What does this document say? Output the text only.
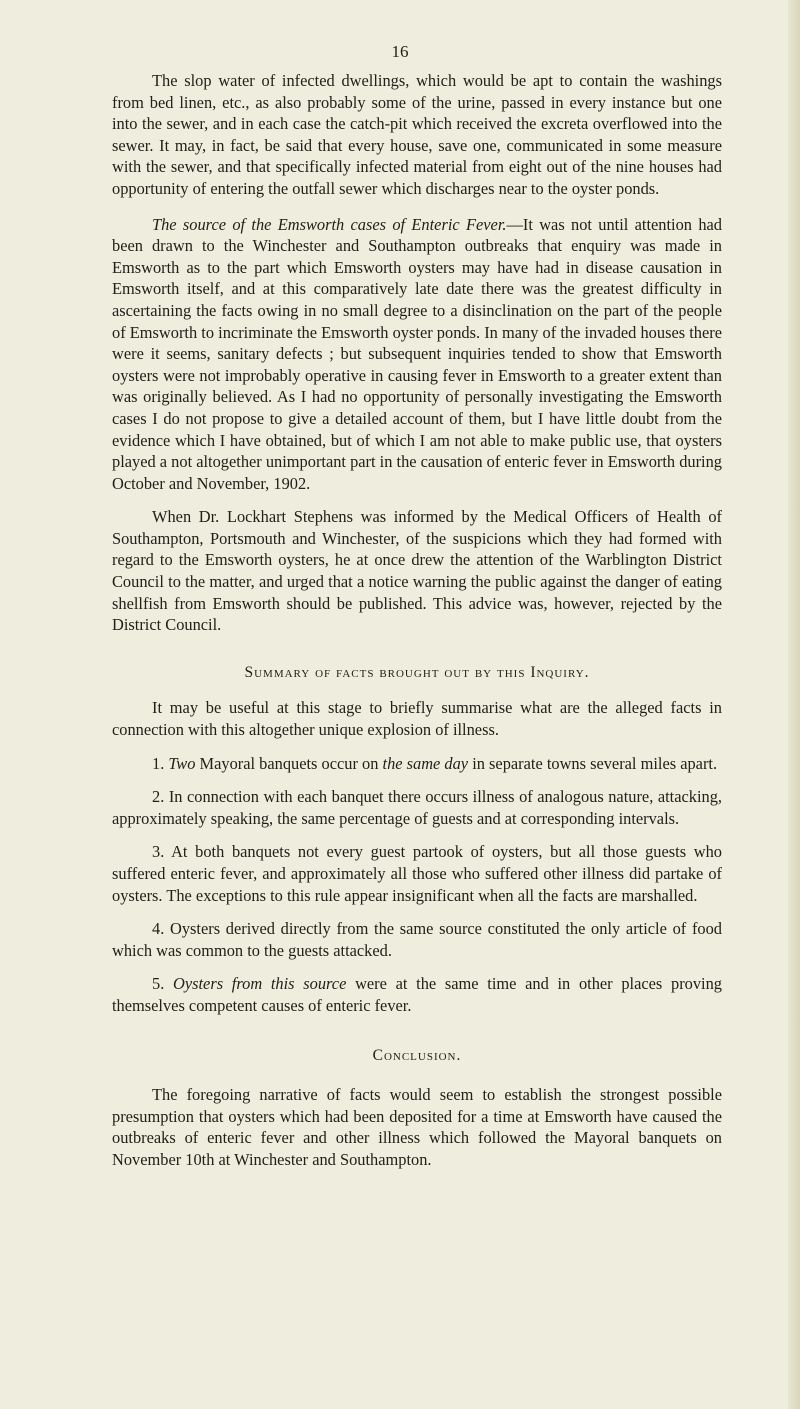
16

The slop water of infected dwellings, which would be apt to contain the washings from bed linen, etc., as also probably some of the urine, passed in every instance but one into the sewer, and in each case the catch-pit which received the excreta overflowed into the sewer. It may, in fact, be said that every house, save one, communicated in some measure with the sewer, and that specifically infected material from eight out of the nine houses had opportunity of entering the outfall sewer which discharges near to the oyster ponds.

The source of the Emsworth cases of Enteric Fever.—It was not until attention had been drawn to the Winchester and Southampton outbreaks that enquiry was made in Emsworth as to the part which Emsworth oysters may have had in disease causation in Emsworth itself, and at this comparatively late date there was the greatest difficulty in ascertaining the facts owing in no small degree to a disinclination on the part of the people of Emsworth to incriminate the Emsworth oyster ponds. In many of the invaded houses there were it seems, sanitary defects ; but subsequent inquiries tended to show that Emsworth oysters were not improbably operative in causing fever in Emsworth to a greater extent than was originally believed. As I had no opportunity of personally investigating the Emsworth cases I do not propose to give a detailed account of them, but I have little doubt from the evidence which I have obtained, but of which I am not able to make public use, that oysters played a not altogether unimportant part in the causation of enteric fever in Emsworth during October and November, 1902.

When Dr. Lockhart Stephens was informed by the Medical Officers of Health of Southampton, Portsmouth and Winchester, of the suspicions which they had formed with regard to the Emsworth oysters, he at once drew the attention of the Warblington District Council to the matter, and urged that a notice warning the public against the danger of eating shellfish from Emsworth should be published. This advice was, however, rejected by the District Council.

Summary of facts brought out by this Inquiry.

It may be useful at this stage to briefly summarise what are the alleged facts in connection with this altogether unique explosion of illness.

1. Two Mayoral banquets occur on the same day in separate towns several miles apart.

2. In connection with each banquet there occurs illness of analogous nature, attacking, approximately speaking, the same percentage of guests and at corresponding intervals.

3. At both banquets not every guest partook of oysters, but all those guests who suffered enteric fever, and approximately all those who suffered other illness did partake of oysters. The exceptions to this rule appear insignificant when all the facts are marshalled.

4. Oysters derived directly from the same source constituted the only article of food which was common to the guests attacked.

5. Oysters from this source were at the same time and in other places proving themselves competent causes of enteric fever.

Conclusion.

The foregoing narrative of facts would seem to establish the strongest possible presumption that oysters which had been deposited for a time at Emsworth have caused the outbreaks of enteric fever and other illness which followed the Mayoral banquets on November 10th at Winchester and Southampton.
